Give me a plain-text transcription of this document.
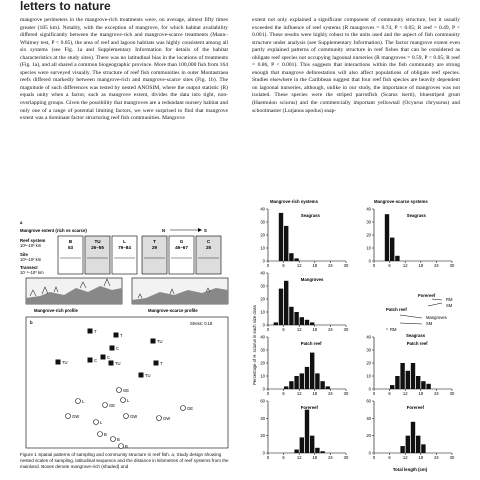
letters to nature

mangrove perimeters in the mangrove-rich treatments were, on average, almost fifty times greater (185 km). Notably, with the exception of mangrove, for which habitat availability differed significantly between the mangrove-rich and mangrove-scarce treatments (Mann–Whitney test, P < 0.05), the area of reef and lagoon habitats was highly consistent among all six systems (see Fig. 1a and Supplementary Information for details of the habitat characteristics at the study sites). There was no latitudinal bias in the locations of treatments (Fig. 1a), and all shared a common biogeographic province. More than 100,000 fish from 164 species were surveyed visually. The structure of reef fish communities in outer Montastraea reefs differed markedly between mangrove-rich and mangrove-scarce sites (Fig. 1b). The magnitude of such differences was tested by nested ANOSIM, where the output statistic (R) equals unity when a factor, such as mangrove extent, divides the data into tight, non-overlapping groups. Given the possibility that mangroves are a redundant nursery habitat and only one of a range of potential limiting factors, we were surprised to find that mangrove extent was a dominant factor structuring reef fish communities. Mangrove

extent not only explained a significant component of community structure, but it usually exceeded the influence of reef systems (R mangroves = 0.74, P < 0.05; R reef = 0.49, P < 0.001). These results were highly robust to the units used and the aspect of fish community structure under analysis (see Supplementary Information). The factor mangrove extent even partly explained patterns of community structure in reef fishes that can be considered as obligate reef species not occupying lagoonal nurseries (R mangroves = 0.59, P < 0.05; R reef = 0.86, P < 0.001). This suggests that interactions within the fish community are strong enough that mangrove deforestation will also affect populations of obligate reef species. Studies elsewhere in the Caribbean suggest that four reef fish species are heavily dependent on lagoonal nurseries, although, unlike in our study, the importance of mangroves was not isolated. These species were the striped parrotfish (Scarus iserti), bluestriped grunt (Haemulon sciurus) and the commercially important yellowtail (Ocyurus chrysurus) and schoolmaster (Lutjanus apodus) snap-

a
Mangrove extent (rich vs scarce)	N	S
Reef system
10²–10³ km
Site
10¹–10² km
Transect
10⁻¹–10⁰ km
B
53
TU
26–55
L
79–84
T
29
G
46–67
C
25
Mangrove-rich profile	Mangrove-scarce profile
b	Stress: 0.18
T
T
C
TU
C
TU	C
TU	T
TU
GE
L	L
GE
GE
GW	GW
L
GW
B
B
B
Mangrove-rich systems	Mangrove-scarce systems
Percentage of H. sciurus in each size class
Total length (cm)
0
10
20
30
40
0	6	12	18	24	30
Seagrass
0
10
20
30
40
0	6	12	18	24	30
Seagrass
0
10
20
30
40
0	6	12	18	24	30
Mangroves
0
10
20
30
40
0	6	12	18	24	30
Patch reef
0
10
20
30
40
0	6	12	18	24	30
Patch reef
0
20
40
60
0	6	12	18	24	30
Forereef
0
20
40
60
0	6	12	18	24	30
Forereef
Forereef
RM
SM
Patch reef
Mangroves
SM
RM
Seagrass
Figure 1 Spatial patterns of sampling and community structure in reef fish. a, Study design showing nested scales of sampling, latitudinal sequence and the distance in kilometres of reef systems from the mainland. Boxes denote mangrove-rich (shaded) and
